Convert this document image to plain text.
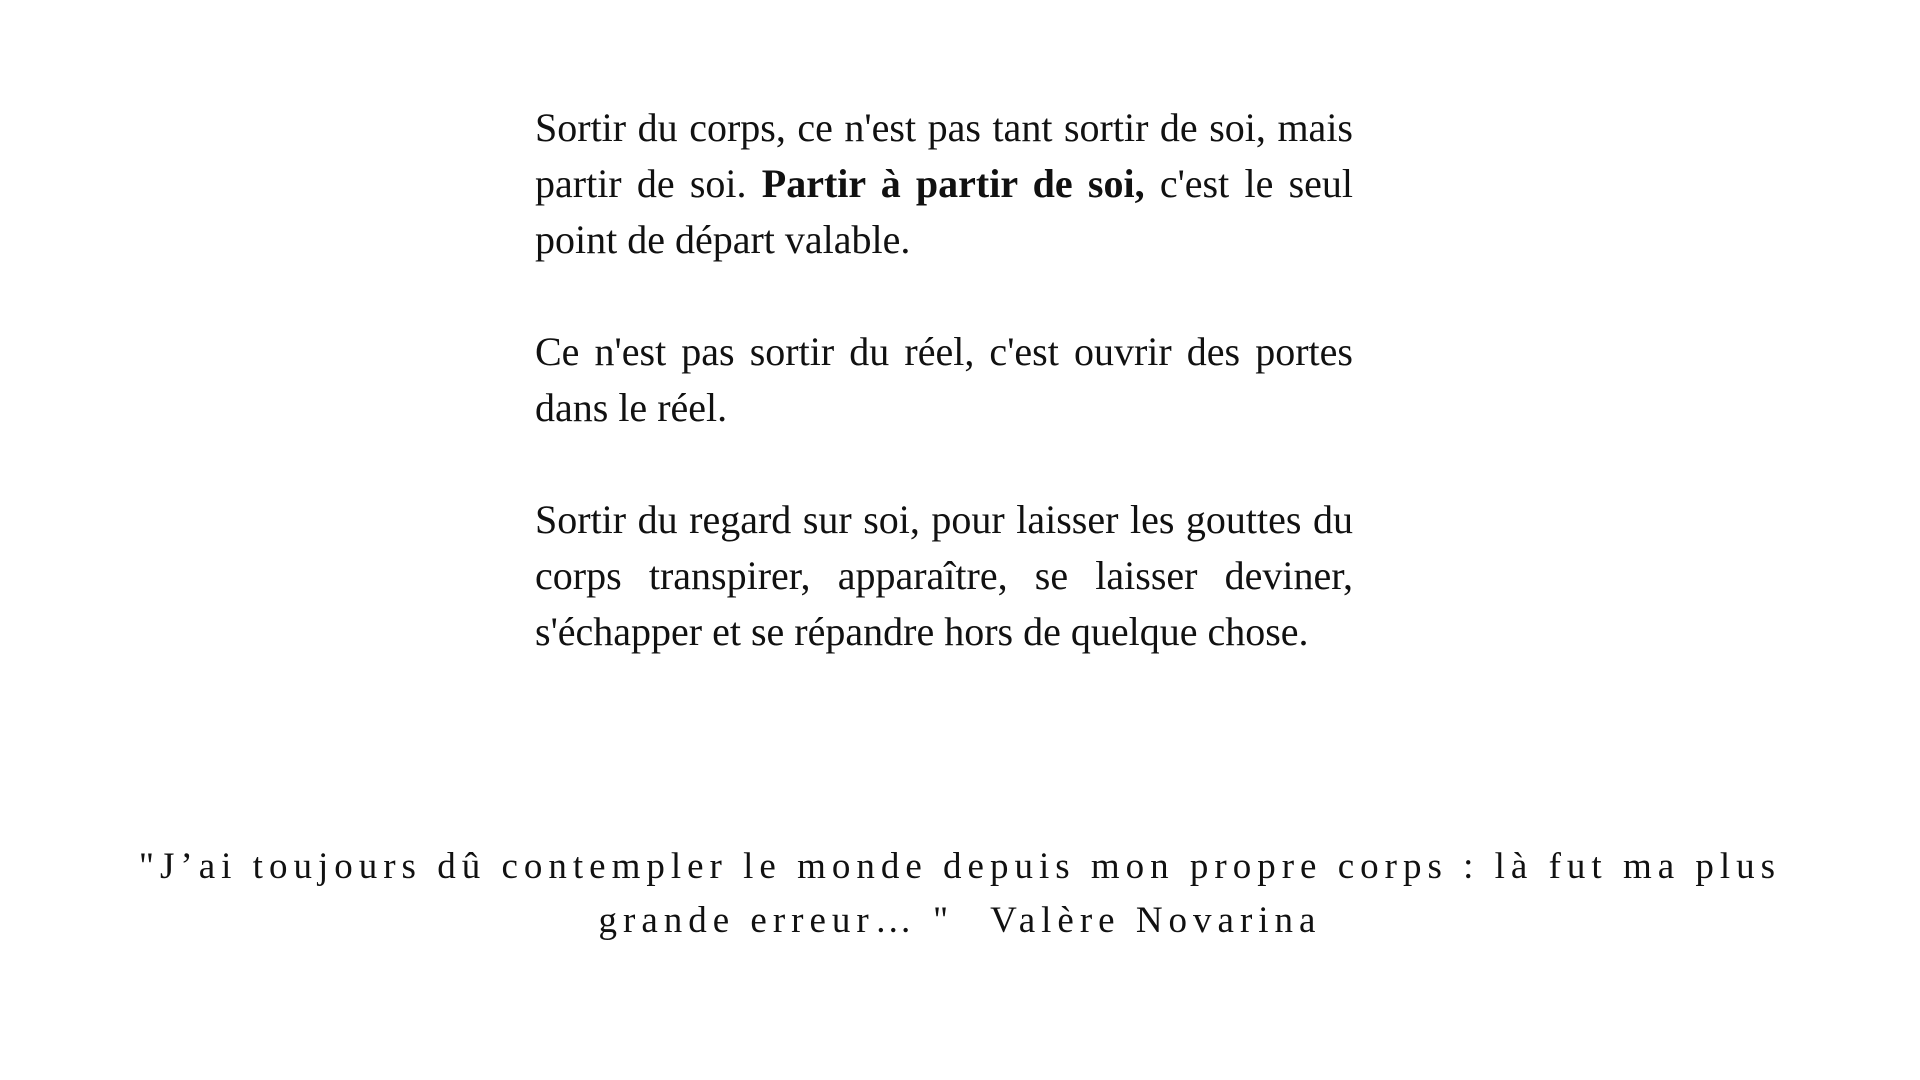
Sortir du corps, ce n'est pas tant sortir de soi, mais partir de soi. Partir à partir de soi, c'est le seul point de départ valable.

Ce n'est pas sortir du réel, c'est ouvrir des portes dans le réel.

Sortir du regard sur soi, pour laisser les gouttes du corps transpirer, apparaître, se laisser deviner, s'échapper et se répandre hors de quelque chose.

"J’ai toujours dû contempler le monde depuis mon propre corps : là fut ma plus grande erreur… " Valère Novarina
